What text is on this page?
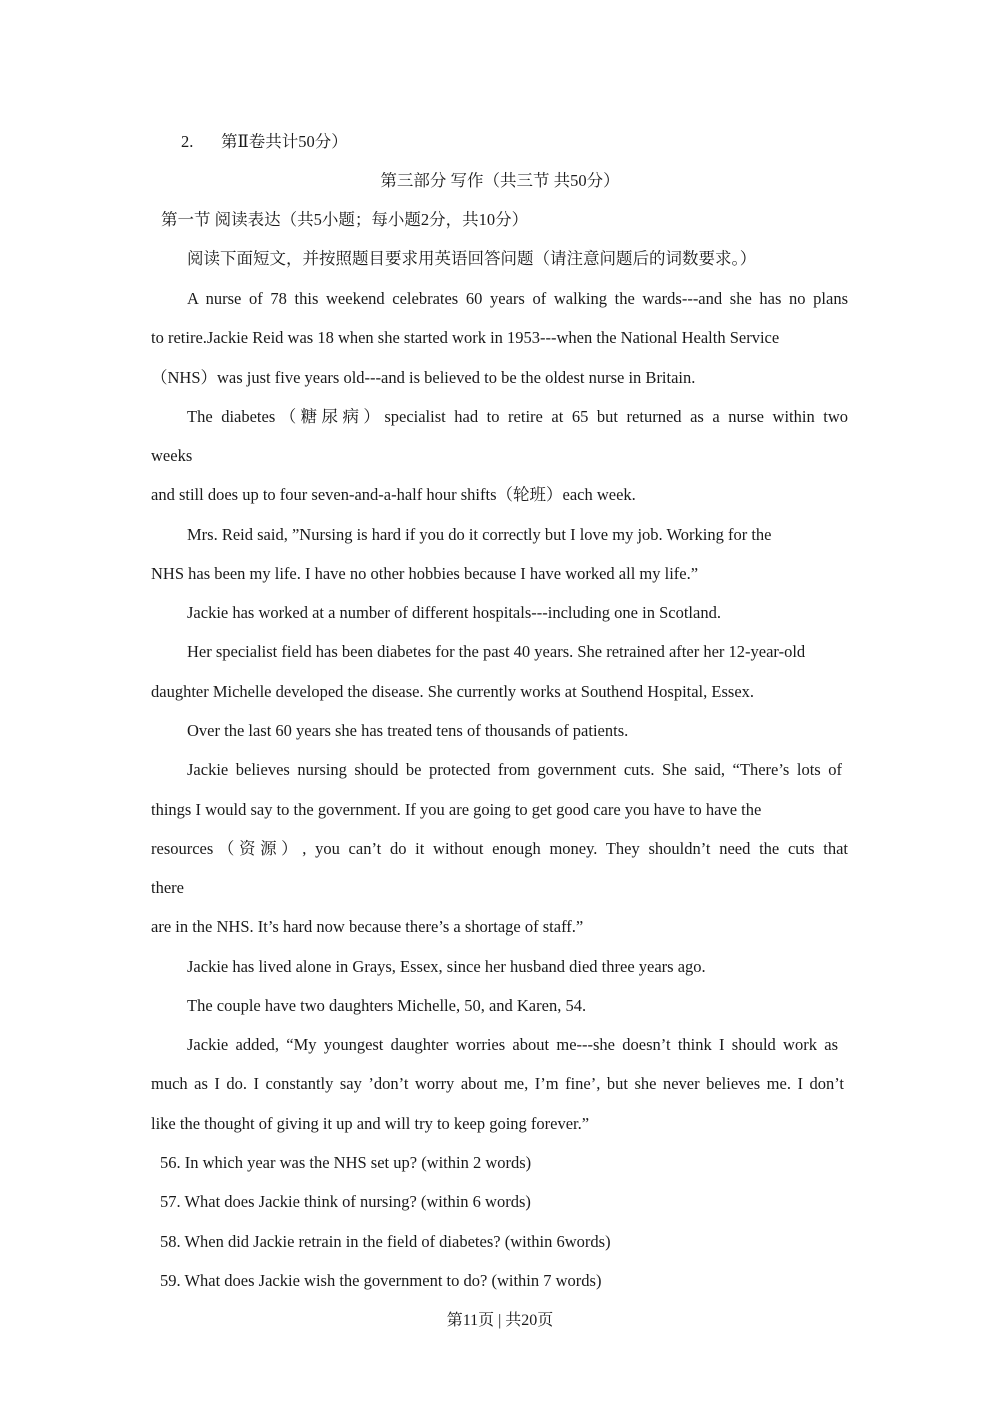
2. 第Ⅱ卷共计50分）
第三部分 写作（共三节 共50分）
第一节 阅读表达（共5小题；每小题2分，共10分）
阅读下面短文，并按照题目要求用英语回答问题（请注意问题后的词数要求。）
A nurse of 78 this weekend celebrates 60 years of walking the wards---and she has no plans
to retire.Jackie Reid was 18 when she started work in 1953---when the National Health Service
（NHS）was just five years old---and is believed to be the oldest nurse in Britain.
The diabetes（糖尿病）specialist had to retire at 65 but returned as a nurse within two
weeks
and still does up to four seven-and-a-half hour shifts（轮班）each week.
Mrs. Reid said, ”Nursing is hard if you do it correctly but I love my job. Working for the
NHS has been my life. I have no other hobbies because I have worked all my life.”
Jackie has worked at a number of different hospitals---including one in Scotland.
Her specialist field has been diabetes for the past 40 years. She retrained after her 12-year-old
daughter Michelle developed the disease. She currently works at Southend Hospital, Essex.
Over the last 60 years she has treated tens of thousands of patients.
Jackie believes nursing should be protected from government cuts. She said, “There’s lots of
things I would say to the government. If you are going to get good care you have to have the
resources（资源）, you can’t do it without enough money. They shouldn’t need the cuts that
there
are in the NHS. It’s hard now because there’s a shortage of staff.”
Jackie has lived alone in Grays, Essex, since her husband died three years ago.
The couple have two daughters Michelle, 50, and Karen, 54.
Jackie added, “My youngest daughter worries about me---she doesn’t think I should work as
much as I do. I constantly say ’don’t worry about me, I’m fine’, but she never believes me. I don’t
like the thought of giving it up and will try to keep going forever.”
56. In which year was the NHS set up? (within 2 words)
57. What does Jackie think of nursing? (within 6 words)
58. When did Jackie retrain in the field of diabetes? (within 6words)
59. What does Jackie wish the government to do? (within 7 words)
第11页 | 共20页
